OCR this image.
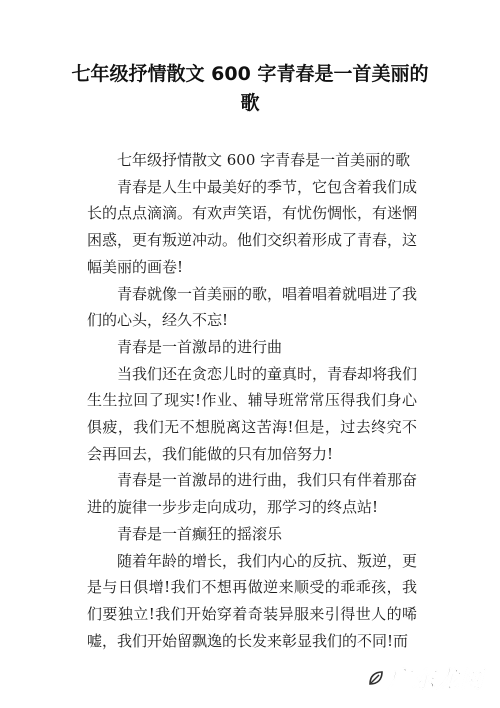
七年级抒情散文 600 字青春是一首美丽的歌

七年级抒情散文 600 字青春是一首美丽的歌

青春是人生中最美好的季节，它包含着我们成长的点点滴滴。有欢声笑语，有忧伤惆怅，有迷惘困惑，更有叛逆冲动。他们交织着形成了青春，这幅美丽的画卷!

青春就像一首美丽的歌，唱着唱着就唱进了我们的心头，经久不忘!

青春是一首激昂的进行曲

当我们还在贪恋儿时的童真时，青春却将我们生生拉回了现实!作业、辅导班常常压得我们身心俱疲，我们无不想脱离这苦海!但是，过去终究不会再回去，我们能做的只有加倍努力!

青春是一首激昂的进行曲，我们只有伴着那奋进的旋律一步步走向成功，那学习的终点站!

青春是一首癫狂的摇滚乐

随着年龄的增长，我们内心的反抗、叛逆，更是与日俱增!我们不想再做逆来顺受的乖乖孩，我们要独立!我们开始穿着奇装异服来引得世人的唏嘘，我们开始留飘逸的长发来彰显我们的不同!而

广东龙网
